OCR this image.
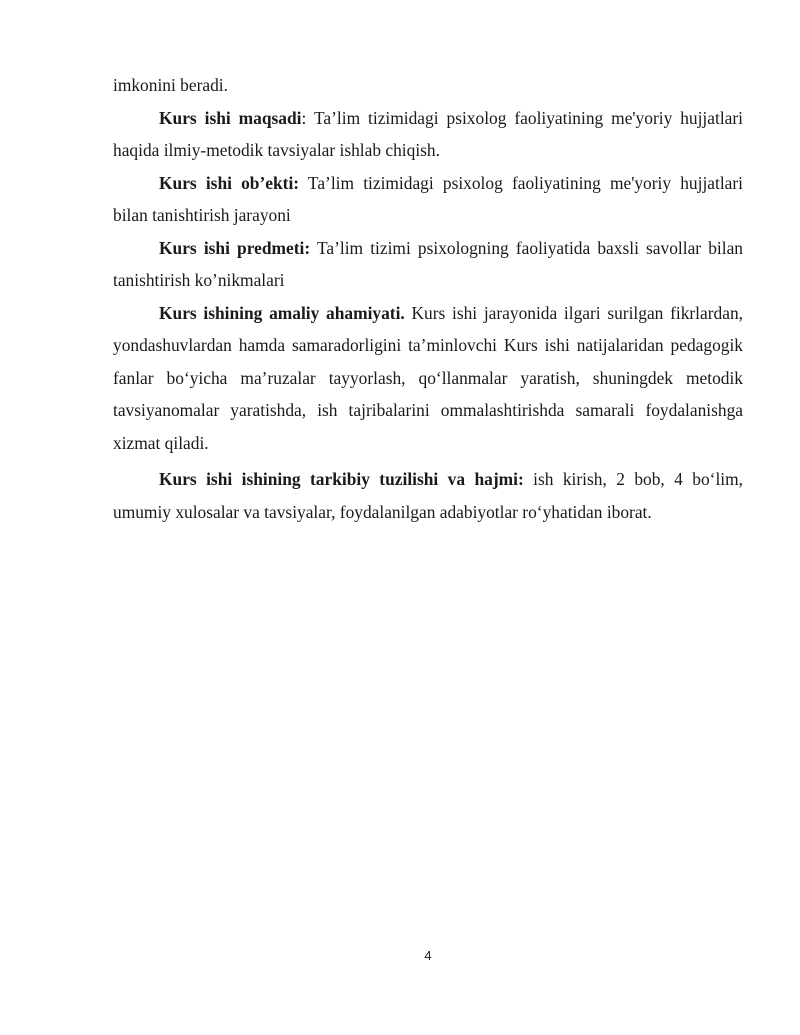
imkonini beradi.

Kurs ishi maqsadi: Ta’lim tizimidagi psixolog faoliyatining me'yoriy hujjatlari haqida ilmiy-metodik tavsiyalar ishlab chiqish.

Kurs ishi ob’ekti: Ta’lim tizimidagi psixolog faoliyatining me'yoriy hujjatlari bilan tanishtirish jarayoni

Kurs ishi predmeti: Ta’lim tizimi psixologning faoliyatida baxsli savollar bilan tanishtirish ko’nikmalari

Kurs ishining amaliy ahamiyati. Kurs ishi jarayonida ilgari surilgan fikrlardan, yondashuvlardan hamda samaradorligini ta’minlovchi Kurs ishi natijalaridan pedagogik fanlar bo‘yicha ma’ruzalar tayyorlash, qo‘llanmalar yaratish, shuningdek metodik tavsiyanomalar yaratishda, ish tajribalarini ommalashtirishda samarali foydalanishga xizmat qiladi.

Kurs ishi ishining tarkibiy tuzilishi va hajmi: ish kirish, 2 bob, 4 bo‘lim, umumiy xulosalar va tavsiyalar, foydalanilgan adabiyotlar ro‘yhatidan iborat.

4
